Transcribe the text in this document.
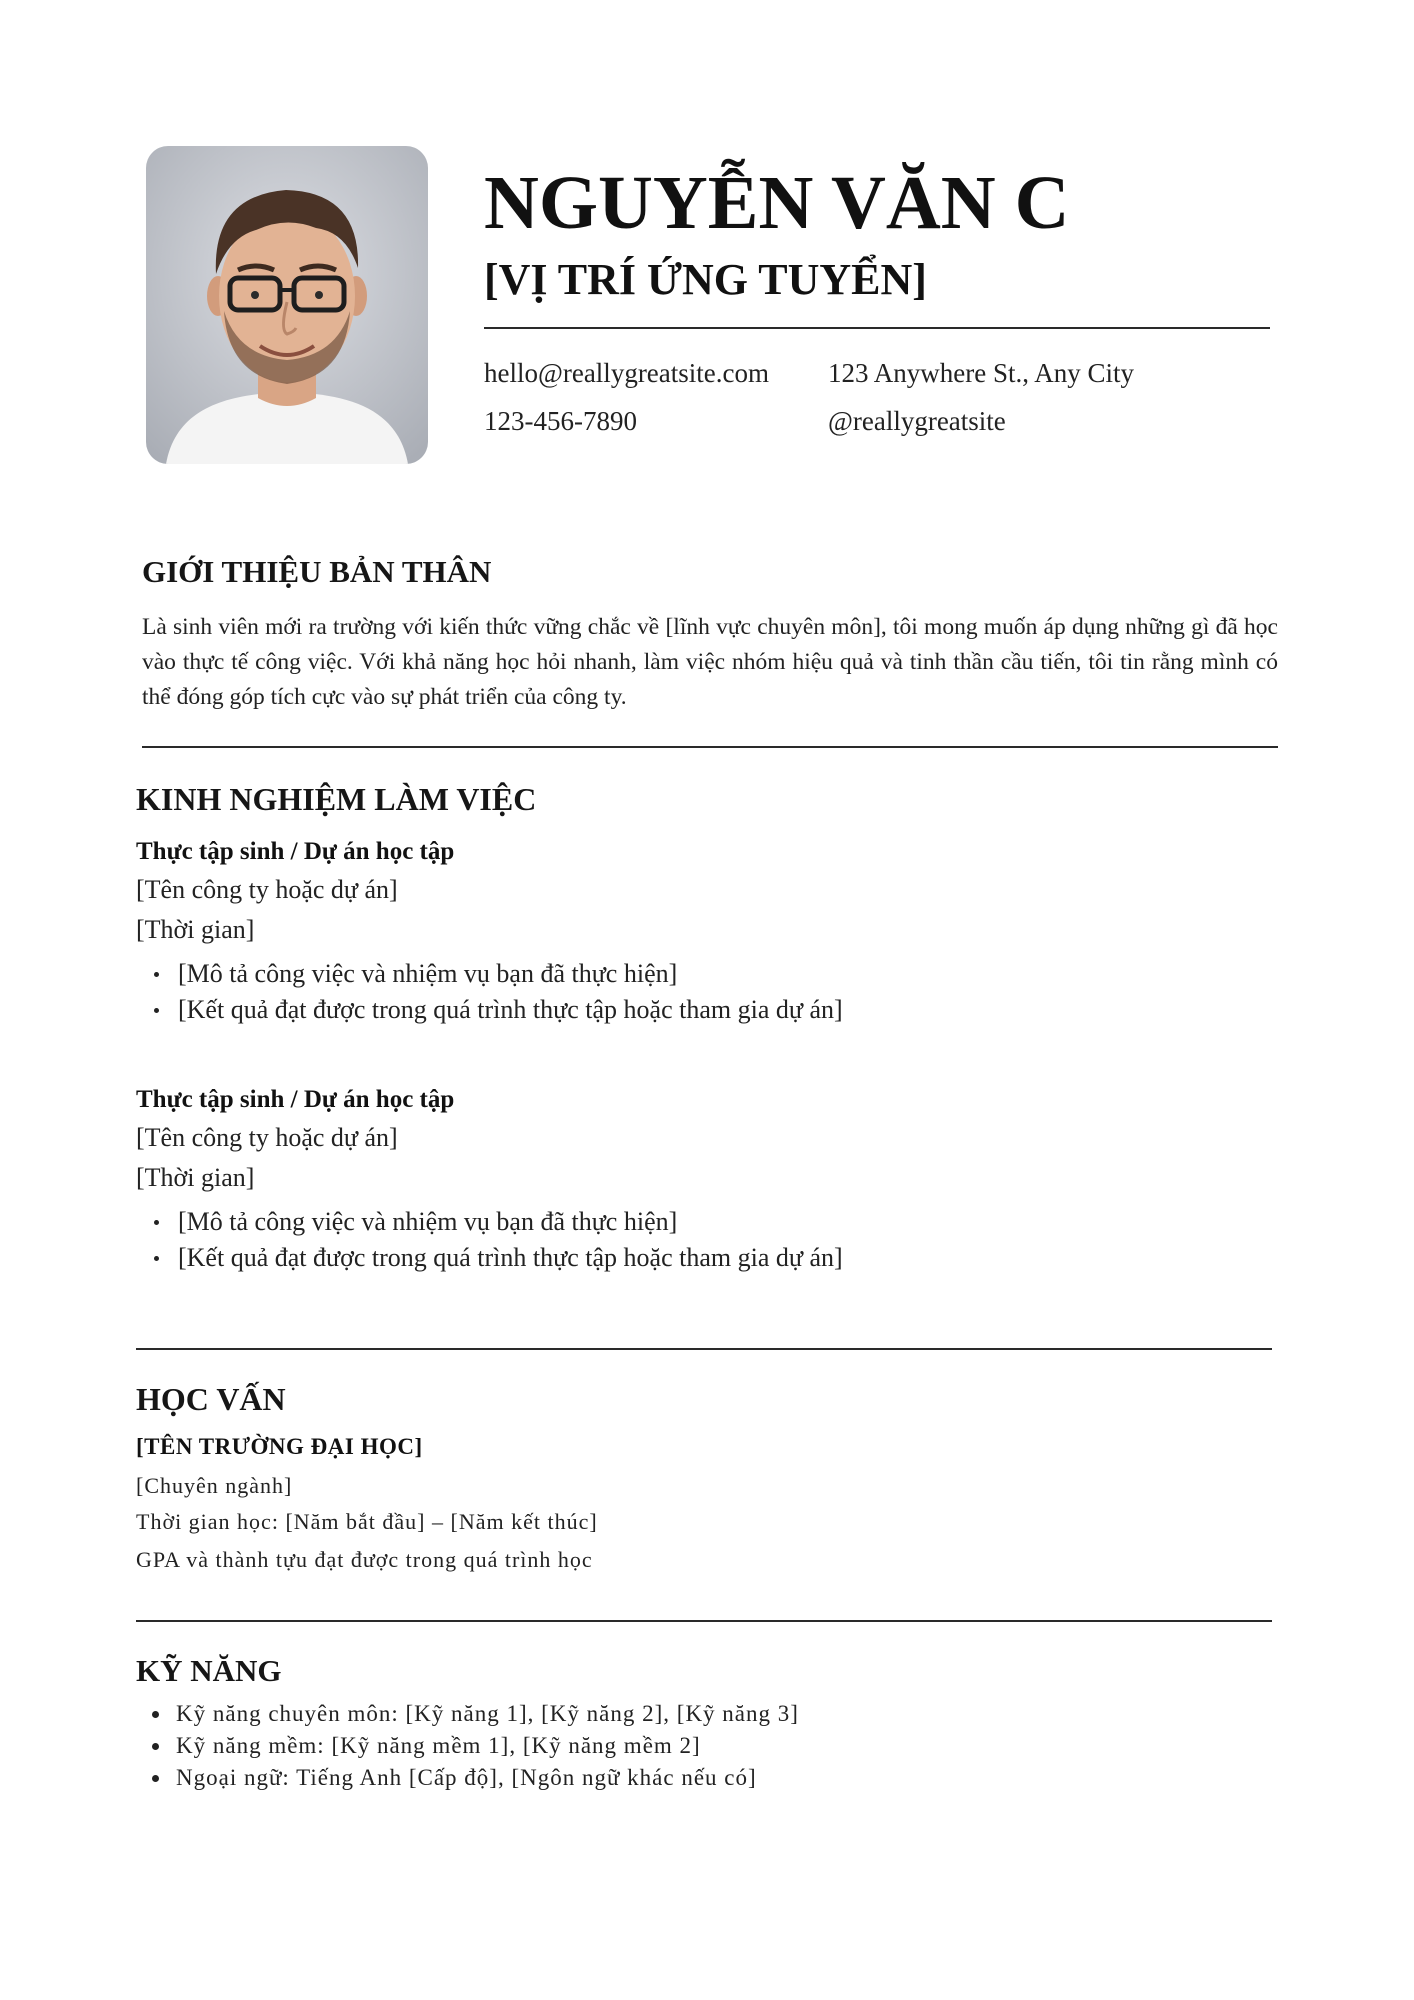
NGUYỄN VĂN C
[VỊ TRÍ ỨNG TUYỂN]
hello@reallygreatsite.com 123 Anywhere St., Any City
123-456-7890	@reallygreatsite
GIỚI THIỆU BẢN THÂN

Là sinh viên mới ra trường với kiến thức vững chắc về [lĩnh vực chuyên môn], tôi mong muốn áp dụng những gì đã học vào thực tế công việc. Với khả năng học hỏi nhanh, làm việc nhóm hiệu quả và tinh thần cầu tiến, tôi tin rằng mình có thể đóng góp tích cực vào sự phát triển của công ty.

KINH NGHIỆM LÀM VIỆC
Thực tập sinh / Dự án học tập
[Tên công ty hoặc dự án]
[Thời gian]
[Mô tả công việc và nhiệm vụ bạn đã thực hiện]
[Kết quả đạt được trong quá trình thực tập hoặc tham gia dự án]
Thực tập sinh / Dự án học tập
[Tên công ty hoặc dự án]
[Thời gian]
[Mô tả công việc và nhiệm vụ bạn đã thực hiện]
[Kết quả đạt được trong quá trình thực tập hoặc tham gia dự án]
HỌC VẤN
[TÊN TRƯỜNG ĐẠI HỌC]
[Chuyên ngành]
Thời gian học: [Năm bắt đầu] – [Năm kết thúc]
GPA và thành tựu đạt được trong quá trình học
KỸ NĂNG
Kỹ năng chuyên môn: [Kỹ năng 1], [Kỹ năng 2], [Kỹ năng 3]
Kỹ năng mềm: [Kỹ năng mềm 1], [Kỹ năng mềm 2]
Ngoại ngữ: Tiếng Anh [Cấp độ], [Ngôn ngữ khác nếu có]
